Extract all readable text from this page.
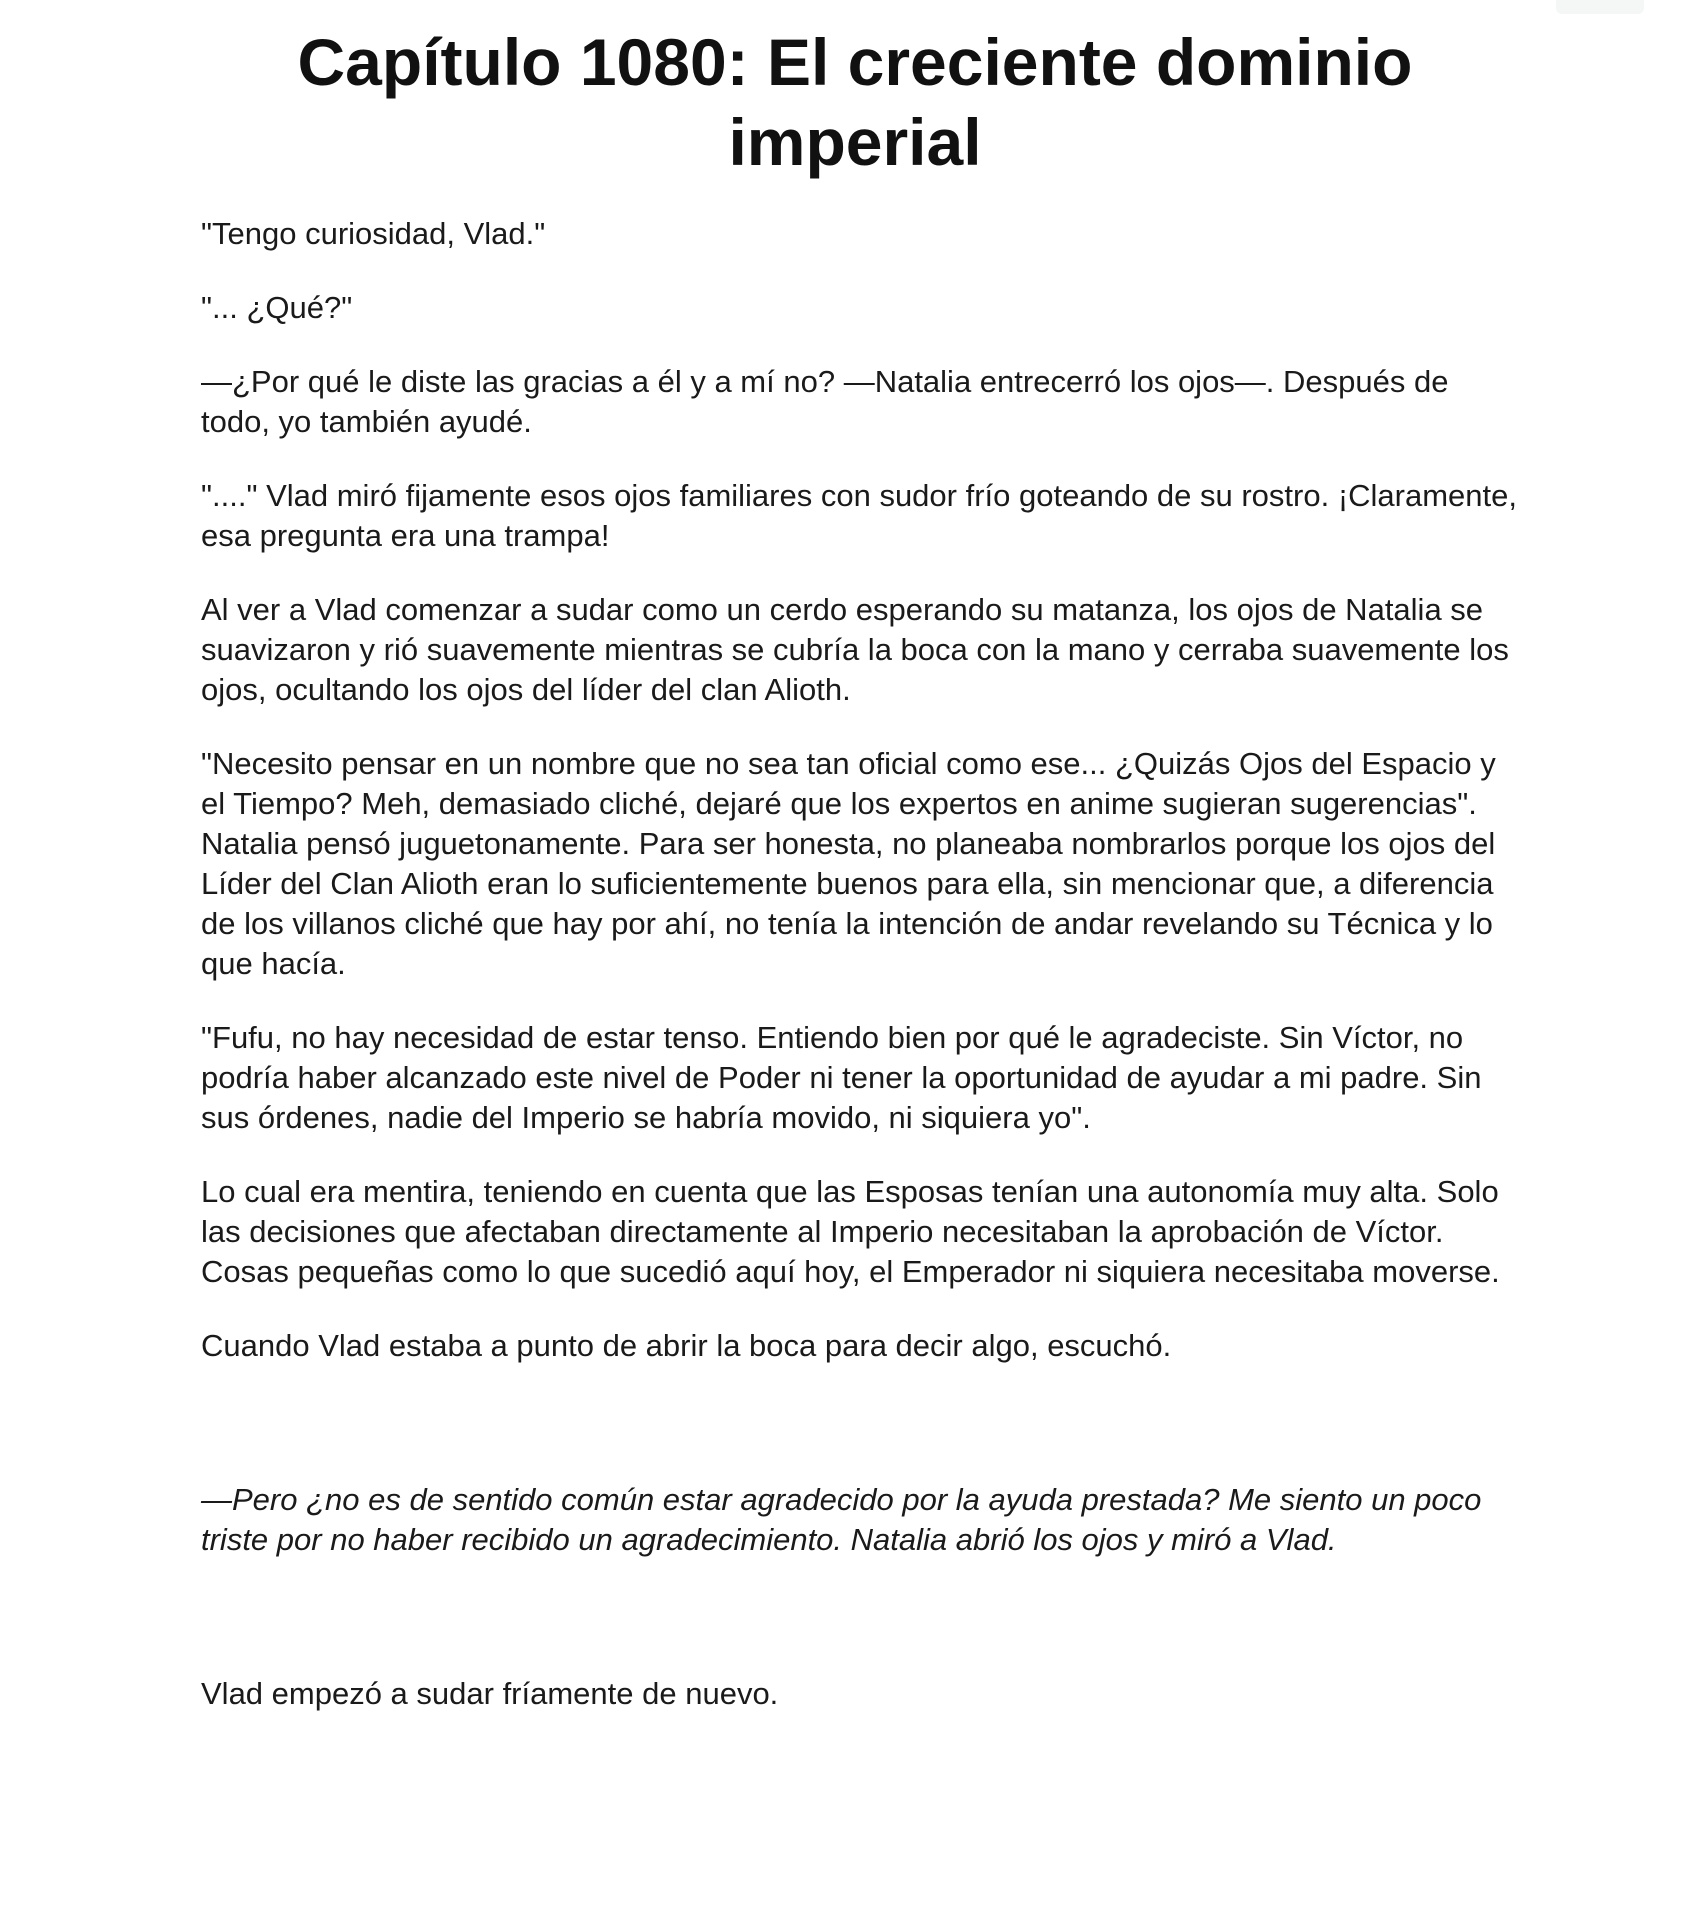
Capítulo 1080: El creciente dominio imperial

"Tengo curiosidad, Vlad."

"... ¿Qué?"

—¿Por qué le diste las gracias a él y a mí no? —Natalia entrecerró los ojos—. Después de todo, yo también ayudé.

"...." Vlad miró fijamente esos ojos familiares con sudor frío goteando de su rostro. ¡Claramente, esa pregunta era una trampa!

Al ver a Vlad comenzar a sudar como un cerdo esperando su matanza, los ojos de Natalia se suavizaron y rió suavemente mientras se cubría la boca con la mano y cerraba suavemente los ojos, ocultando los ojos del líder del clan Alioth.

"Necesito pensar en un nombre que no sea tan oficial como ese... ¿Quizás Ojos del Espacio y el Tiempo? Meh, demasiado cliché, dejaré que los expertos en anime sugieran sugerencias". Natalia pensó juguetonamente. Para ser honesta, no planeaba nombrarlos porque los ojos del Líder del Clan Alioth eran lo suficientemente buenos para ella, sin mencionar que, a diferencia de los villanos cliché que hay por ahí, no tenía la intención de andar revelando su Técnica y lo que hacía.

"Fufu, no hay necesidad de estar tenso. Entiendo bien por qué le agradeciste. Sin Víctor, no podría haber alcanzado este nivel de Poder ni tener la oportunidad de ayudar a mi padre. Sin sus órdenes, nadie del Imperio se habría movido, ni siquiera yo".

Lo cual era mentira, teniendo en cuenta que las Esposas tenían una autonomía muy alta. Solo las decisiones que afectaban directamente al Imperio necesitaban la aprobación de Víctor. Cosas pequeñas como lo que sucedió aquí hoy, el Emperador ni siquiera necesitaba moverse.

Cuando Vlad estaba a punto de abrir la boca para decir algo, escuchó.

—Pero ¿no es de sentido común estar agradecido por la ayuda prestada? Me siento un poco triste por no haber recibido un agradecimiento. Natalia abrió los ojos y miró a Vlad.

Vlad empezó a sudar fríamente de nuevo.
